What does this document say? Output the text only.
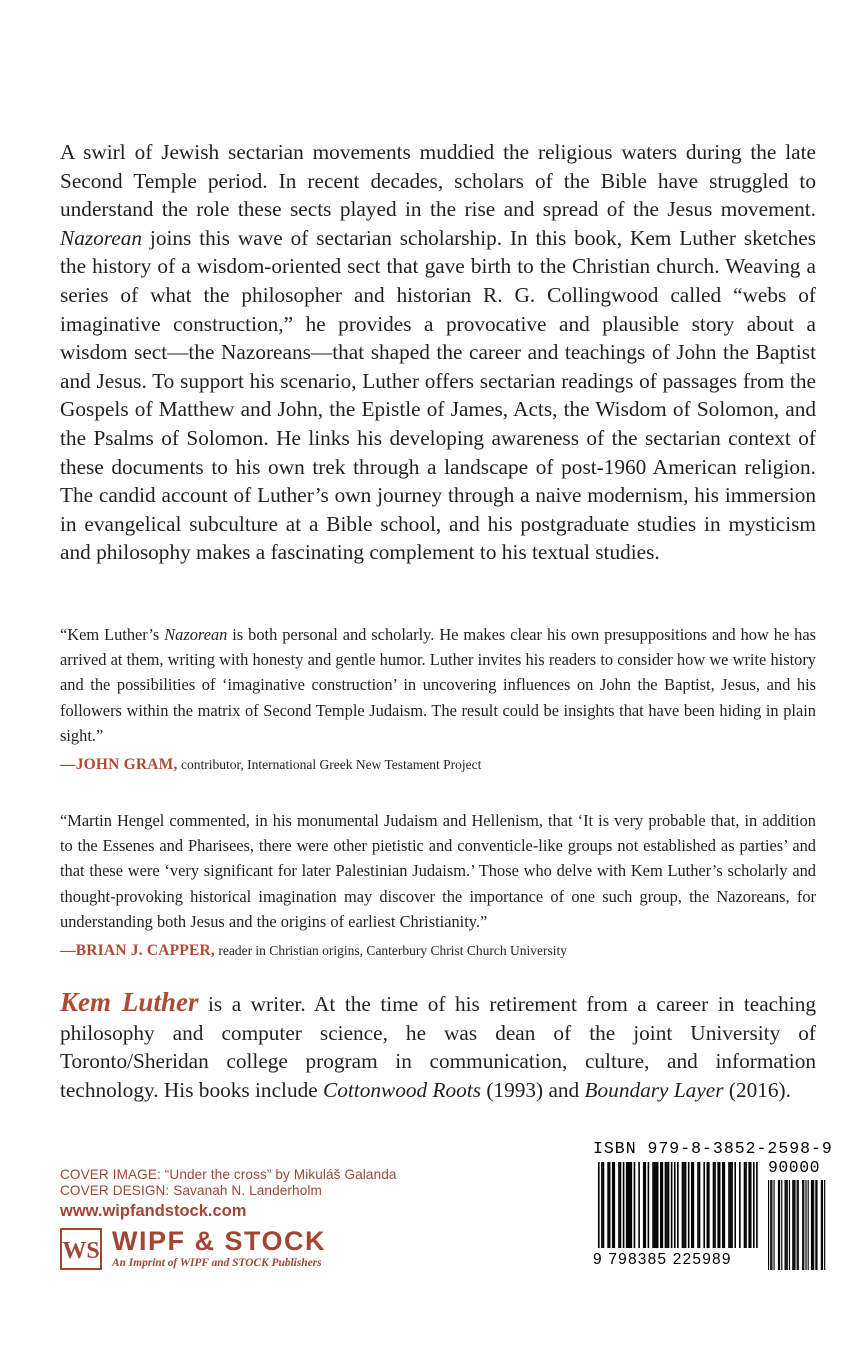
A swirl of Jewish sectarian movements muddied the religious waters during the late Second Temple period. In recent decades, scholars of the Bible have struggled to understand the role these sects played in the rise and spread of the Jesus movement. Nazorean joins this wave of sectarian scholarship. In this book, Kem Luther sketches the history of a wisdom-oriented sect that gave birth to the Christian church. Weaving a series of what the philosopher and historian R. G. Collingwood called “webs of imaginative construction,” he provides a provocative and plausible story about a wisdom sect—the Nazoreans—that shaped the career and teachings of John the Baptist and Jesus. To support his scenario, Luther offers sectarian readings of passages from the Gospels of Matthew and John, the Epistle of James, Acts, the Wisdom of Solomon, and the Psalms of Solomon. He links his developing awareness of the sectarian context of these documents to his own trek through a landscape of post-1960 American religion. The candid account of Luther’s own journey through a naive modernism, his immersion in evangelical subculture at a Bible school, and his postgraduate studies in mysticism and philosophy makes a fascinating complement to his textual studies.
“Kem Luther’s Nazorean is both personal and scholarly. He makes clear his own presuppositions and how he has arrived at them, writing with honesty and gentle humor. Luther invites his readers to consider how we write history and the possibilities of ‘imaginative construction’ in uncovering influences on John the Baptist, Jesus, and his followers within the matrix of Second Temple Judaism. The result could be insights that have been hiding in plain sight.”
—JOHN GRAM, contributor, International Greek New Testament Project
“Martin Hengel commented, in his monumental Judaism and Hellenism, that ‘It is very probable that, in addition to the Essenes and Pharisees, there were other pietistic and conventicle-like groups not established as parties’ and that these were ‘very significant for later Palestinian Judaism.’ Those who delve with Kem Luther’s scholarly and thought-provoking historical imagination may discover the importance of one such group, the Nazoreans, for understanding both Jesus and the origins of earliest Christianity.”
—BRIAN J. CAPPER, reader in Christian origins, Canterbury Christ Church University
Kem Luther is a writer. At the time of his retirement from a career in teaching philosophy and computer science, he was dean of the joint University of Toronto/Sheridan college program in communication, culture, and information technology. His books include Cottonwood Roots (1993) and Boundary Layer (2016).
COVER IMAGE: “Under the cross” by Mikuláš Galanda
COVER DESIGN: Savanah N. Landerholm
www.wipfandstock.com
WS WIPF & STOCK
An Imprint of WIPF and STOCK Publishers
ISBN 979-8-3852-2598-9
90000
9 798385 225989
